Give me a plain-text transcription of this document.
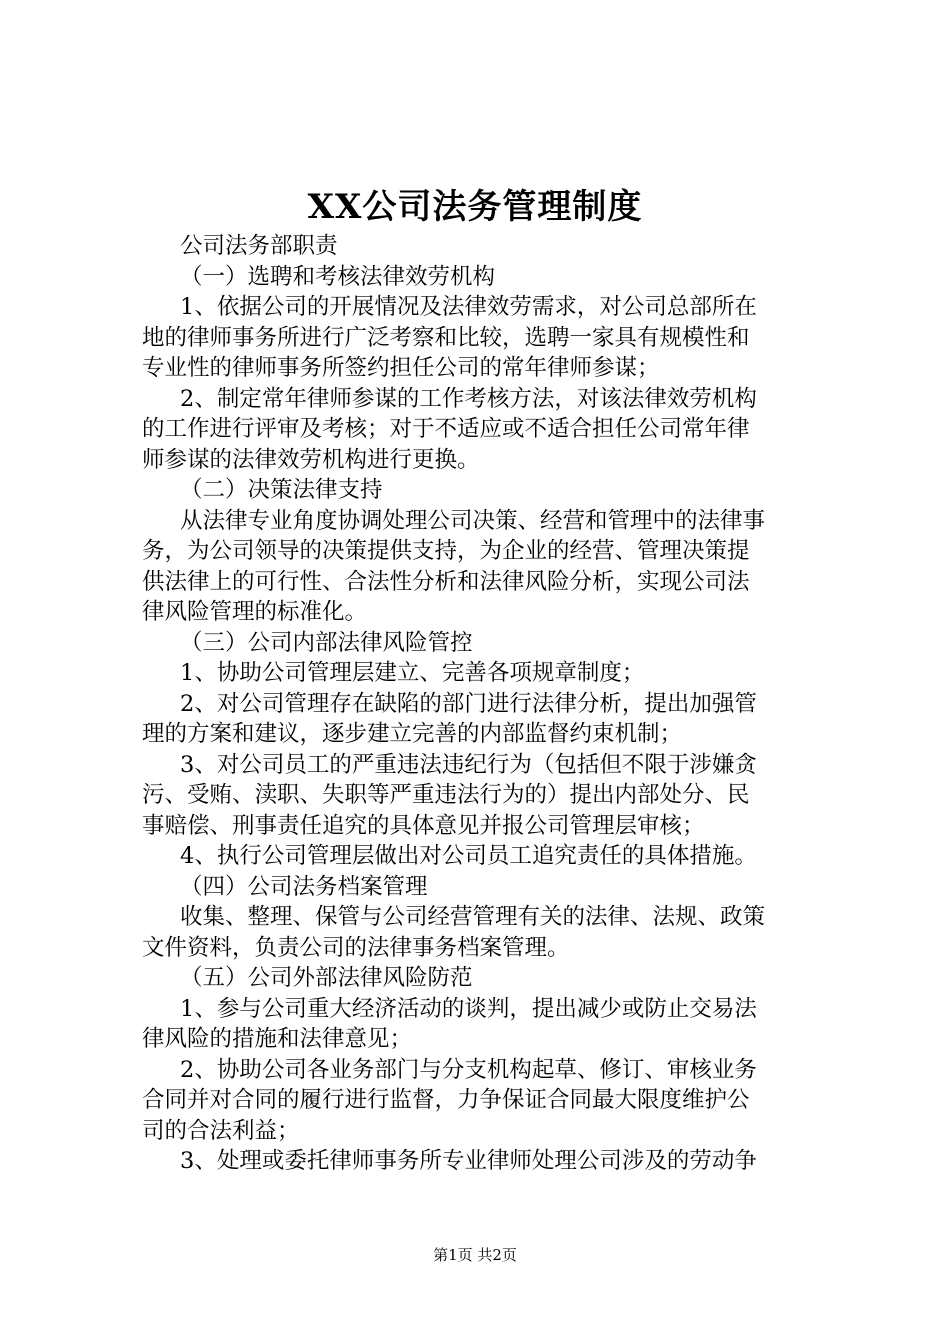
XX公司法务管理制度
公司法务部职责
（一）选聘和考核法律效劳机构
1、依据公司的开展情况及法律效劳需求，对公司总部所在
地的律师事务所进行广泛考察和比较，选聘一家具有规模性和
专业性的律师事务所签约担任公司的常年律师参谋；
2、制定常年律师参谋的工作考核方法，对该法律效劳机构
的工作进行评审及考核；对于不适应或不适合担任公司常年律
师参谋的法律效劳机构进行更换。
（二）决策法律支持
从法律专业角度协调处理公司决策、经营和管理中的法律事
务，为公司领导的决策提供支持，为企业的经营、管理决策提
供法律上的可行性、合法性分析和法律风险分析，实现公司法
律风险管理的标准化。
（三）公司内部法律风险管控
1、协助公司管理层建立、完善各项规章制度；
2、对公司管理存在缺陷的部门进行法律分析，提出加强管
理的方案和建议，逐步建立完善的内部监督约束机制；
3、对公司员工的严重违法违纪行为（包括但不限于涉嫌贪
污、受贿、渎职、失职等严重违法行为的）提出内部处分、民
事赔偿、刑事责任追究的具体意见并报公司管理层审核；
4、执行公司管理层做出对公司员工追究责任的具体措施。
（四）公司法务档案管理
收集、整理、保管与公司经营管理有关的法律、法规、政策
文件资料，负责公司的法律事务档案管理。
（五）公司外部法律风险防范
1、参与公司重大经济活动的谈判，提出减少或防止交易法
律风险的措施和法律意见；
2、协助公司各业务部门与分支机构起草、修订、审核业务
合同并对合同的履行进行监督，力争保证合同最大限度维护公
司的合法利益；
3、处理或委托律师事务所专业律师处理公司涉及的劳动争
第1页 共2页
